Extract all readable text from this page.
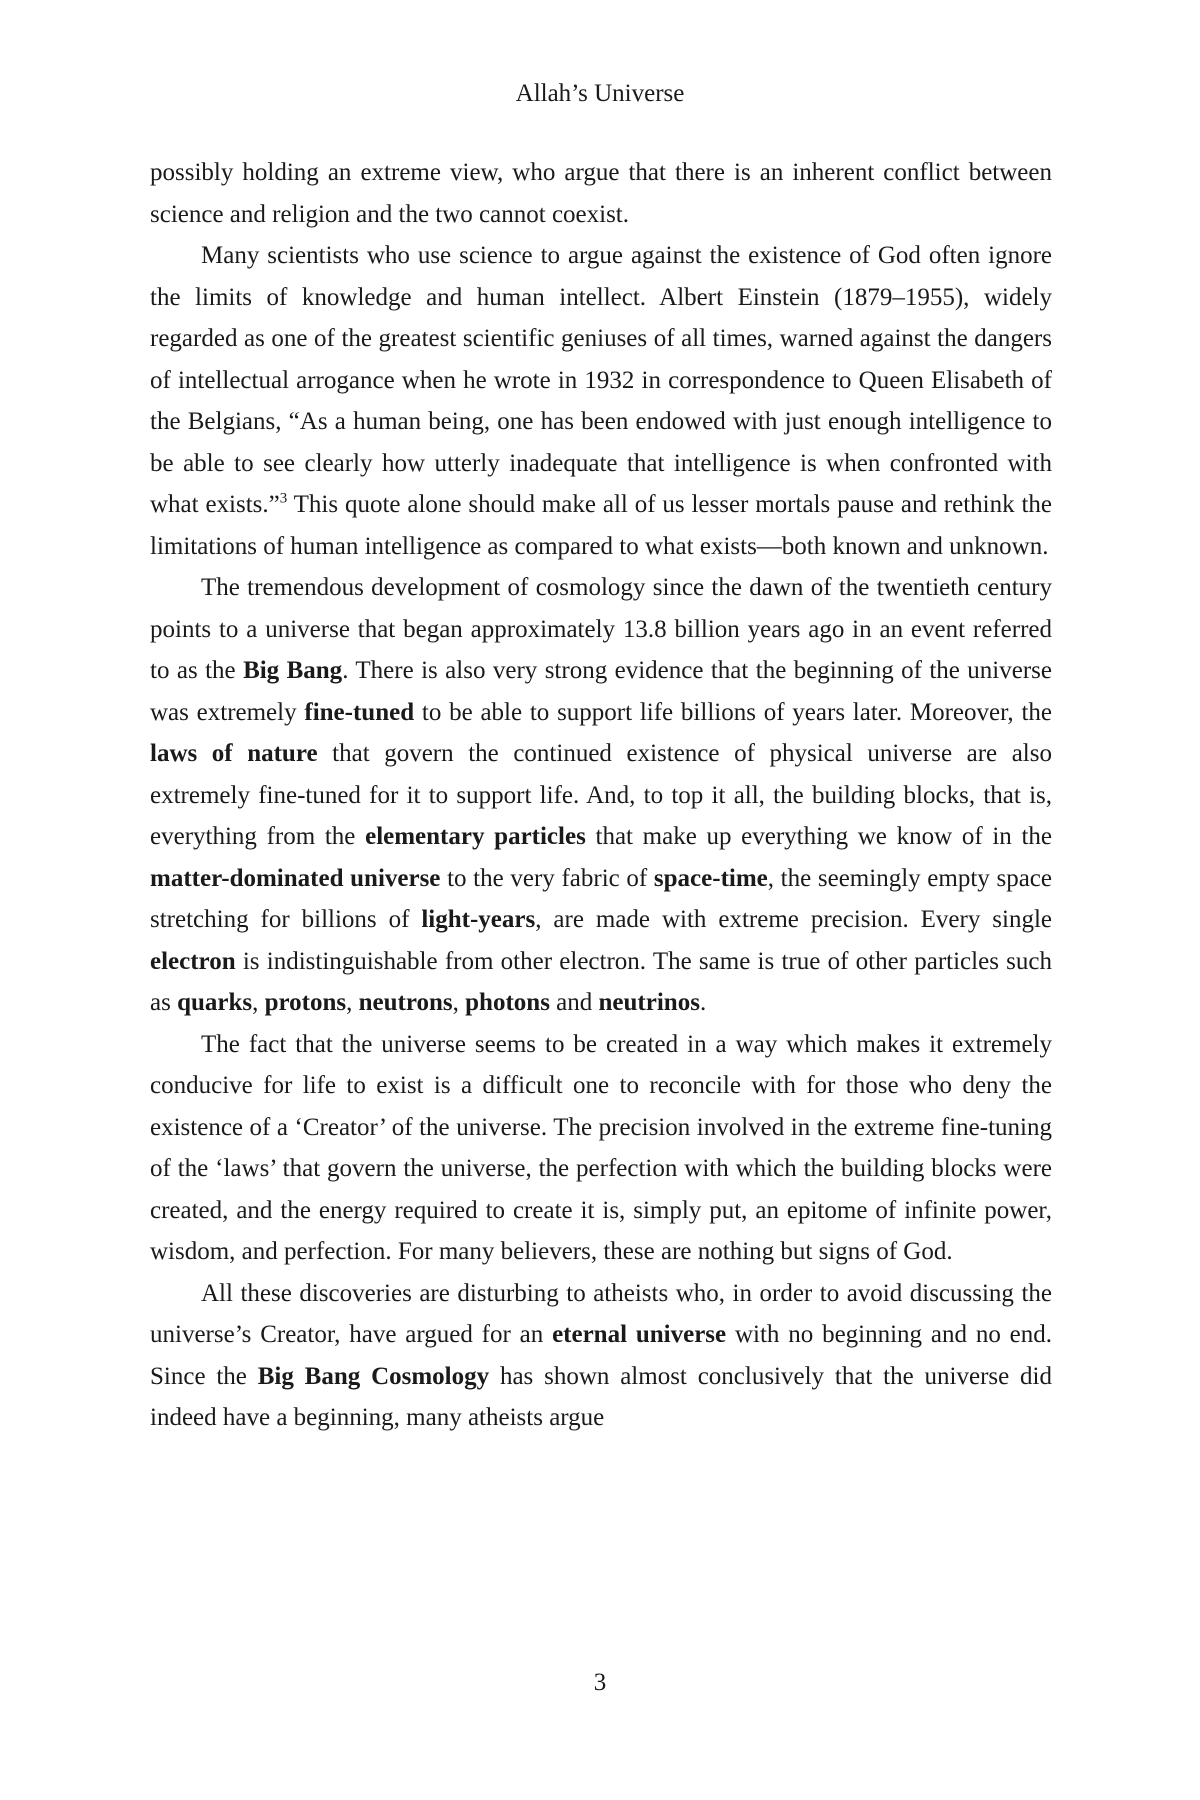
Allah’s Universe

possibly holding an extreme view, who argue that there is an inherent conflict between science and religion and the two cannot coexist.

Many scientists who use science to argue against the existence of God often ignore the limits of knowledge and human intellect. Albert Einstein (1879–1955), widely regarded as one of the greatest scientific geniuses of all times, warned against the dangers of intellectual arrogance when he wrote in 1932 in correspondence to Queen Elisabeth of the Belgians, “As a human being, one has been endowed with just enough intelligence to be able to see clearly how utterly inadequate that intelligence is when confronted with what exists.”$^3$ This quote alone should make all of us lesser mortals pause and rethink the limitations of human intelligence as compared to what exists—both known and unknown.

The tremendous development of cosmology since the dawn of the twentieth century points to a universe that began approximately 13.8 billion years ago in an event referred to as the Big Bang. There is also very strong evidence that the beginning of the universe was extremely fine-tuned to be able to support life billions of years later. Moreover, the laws of nature that govern the continued existence of physical universe are also extremely fine-tuned for it to support life. And, to top it all, the building blocks, that is, everything from the elementary particles that make up everything we know of in the matter-dominated universe to the very fabric of space-time, the seemingly empty space stretching for billions of light-years, are made with extreme precision. Every single electron is indistinguishable from other electron. The same is true of other particles such as quarks, protons, neutrons, photons and neutrinos.

The fact that the universe seems to be created in a way which makes it extremely conducive for life to exist is a difficult one to reconcile with for those who deny the existence of a ‘Creator’ of the universe. The precision involved in the extreme fine-tuning of the ‘laws’ that govern the universe, the perfection with which the building blocks were created, and the energy required to create it is, simply put, an epitome of infinite power, wisdom, and perfection. For many believers, these are nothing but signs of God.

All these discoveries are disturbing to atheists who, in order to avoid discussing the universe’s Creator, have argued for an eternal universe with no beginning and no end. Since the Big Bang Cosmology has shown almost conclusively that the universe did indeed have a beginning, many atheists argue

3
